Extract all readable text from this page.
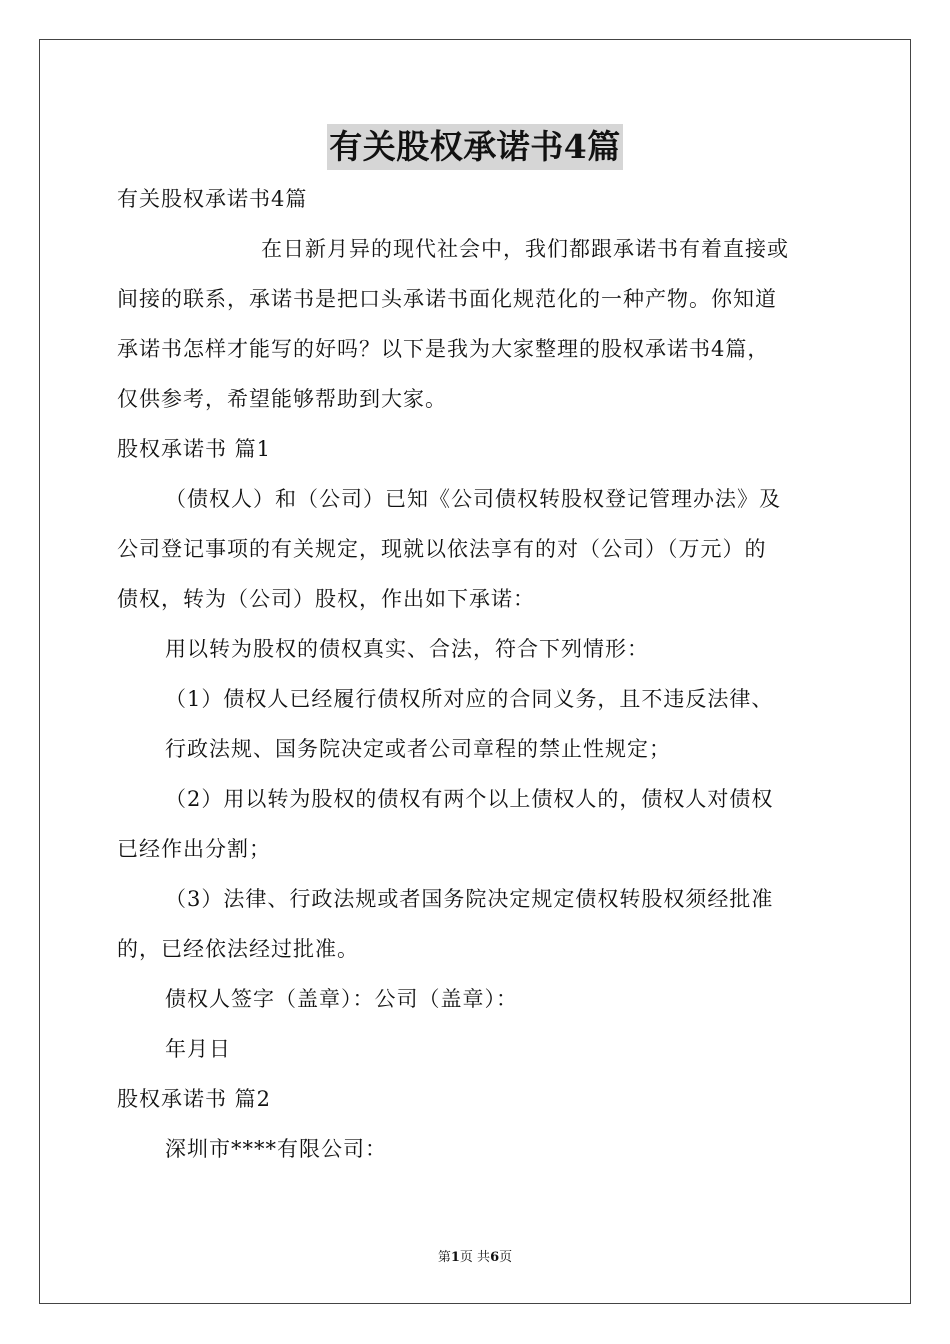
有关股权承诺书4篇
有关股权承诺书4篇
在日新月异的现代社会中，我们都跟承诺书有着直接或
间接的联系，承诺书是把口头承诺书面化规范化的一种产物。你知道
承诺书怎样才能写的好吗？以下是我为大家整理的股权承诺书4篇，
仅供参考，希望能够帮助到大家。
股权承诺书 篇1
（债权人）和（公司）已知《公司债权转股权登记管理办法》及
公司登记事项的有关规定，现就以依法享有的对（公司）（万元）的
债权，转为（公司）股权，作出如下承诺：
用以转为股权的债权真实、合法，符合下列情形：
（1）债权人已经履行债权所对应的合同义务，且不违反法律、
行政法规、国务院决定或者公司章程的禁止性规定；
（2）用以转为股权的债权有两个以上债权人的，债权人对债权
已经作出分割；
（3）法律、行政法规或者国务院决定规定债权转股权须经批准
的，已经依法经过批准。
债权人签字（盖章）：公司（盖章）：
年月日
股权承诺书 篇2
深圳市****有限公司：
第1页 共6页
